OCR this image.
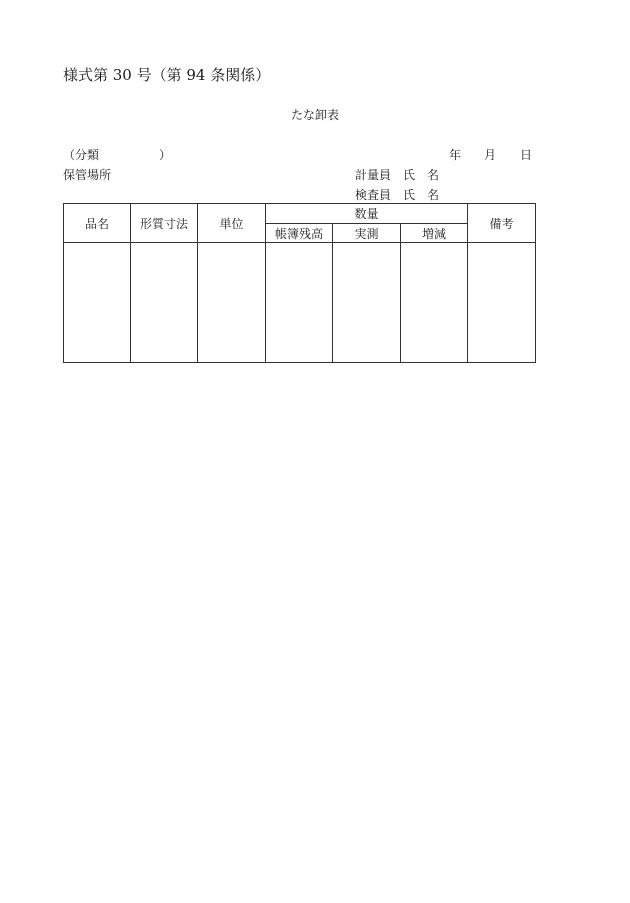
様式第 30 号（第 94 条関係）
たな卸表
（分類	）
保管場所
年 月 日
計量員 氏 名
検査員 氏 名
品名	形質寸法	単位	数量			備考
			帳簿残高	実測	増減	
